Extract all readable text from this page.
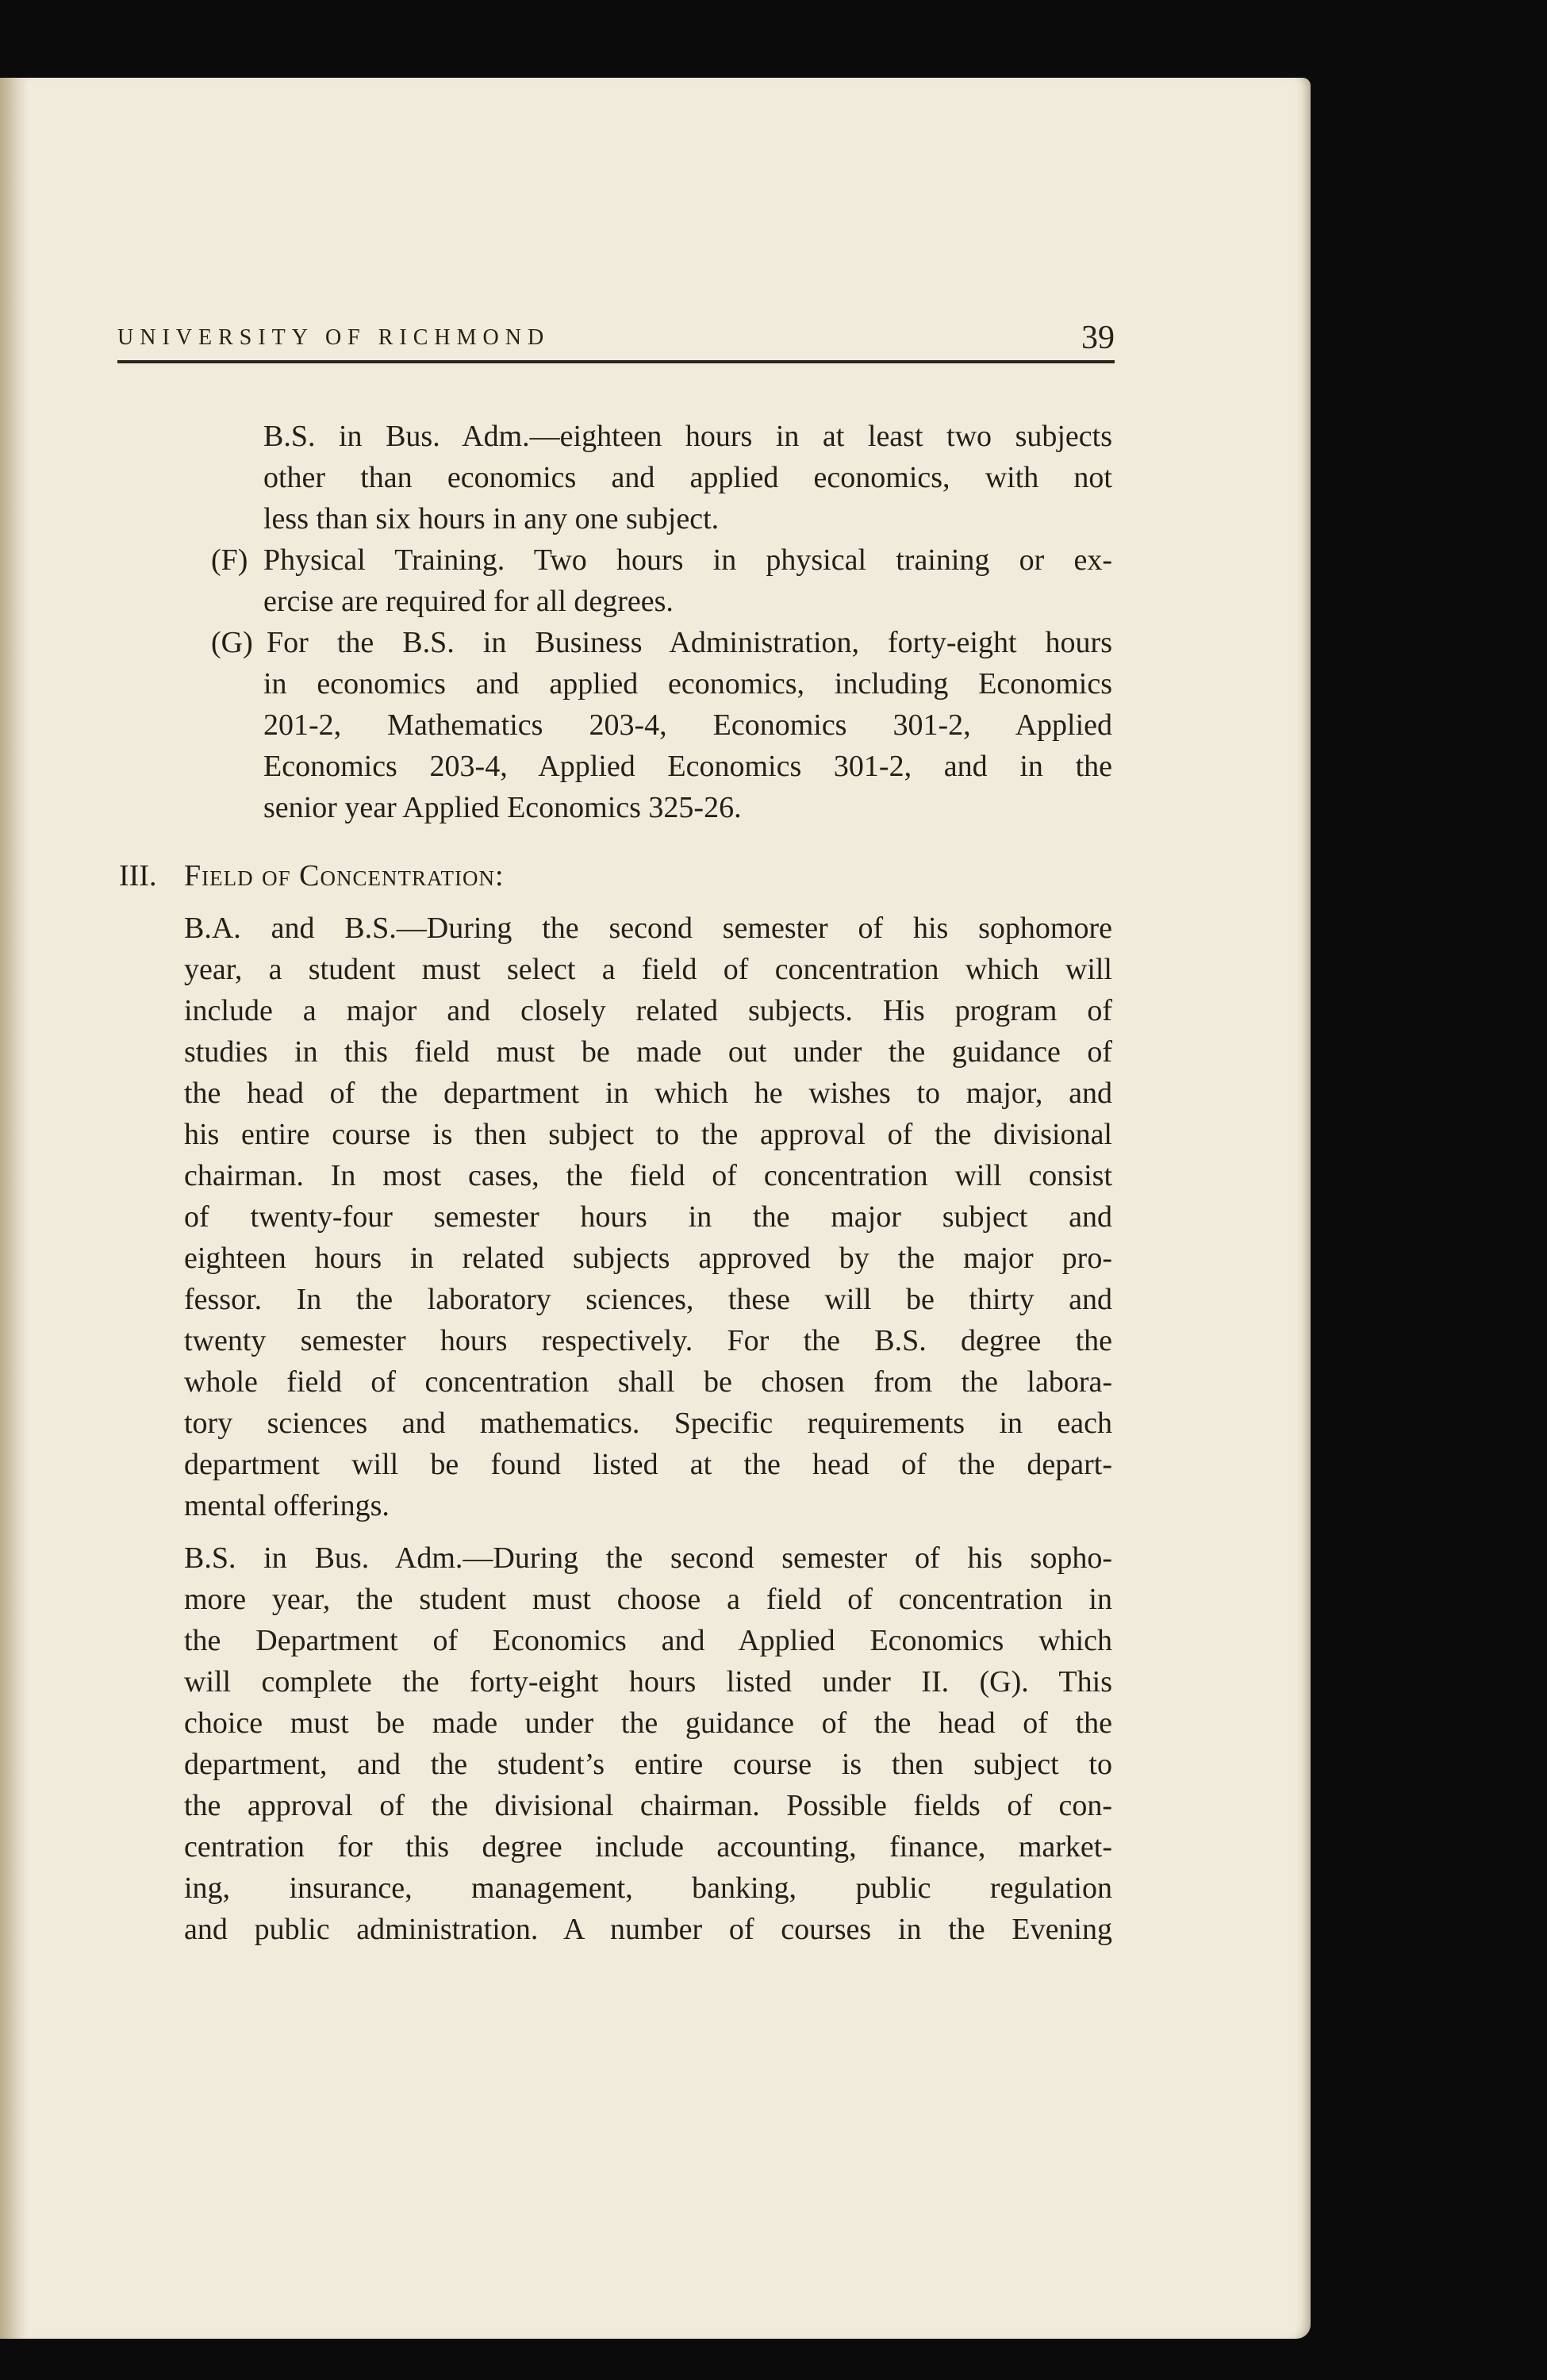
UNIVERSITY OF RICHMOND	39
B.S. in Bus. Adm.—eighteen hours in at least two subjects
other than economics and applied economics, with not
less than six hours in any one subject.
(F) Physical Training. Two hours in physical training or ex-
ercise are required for all degrees.
(G) For the B.S. in Business Administration, forty-eight hours
in economics and applied economics, including Economics
201-2, Mathematics 203-4, Economics 301-2, Applied
Economics 203-4, Applied Economics 301-2, and in the
senior year Applied Economics 325-26.
III. Field of Concentration:
B.A. and B.S.—During the second semester of his sophomore
year, a student must select a field of concentration which will
include a major and closely related subjects. His program of
studies in this field must be made out under the guidance of
the head of the department in which he wishes to major, and
his entire course is then subject to the approval of the divisional
chairman. In most cases, the field of concentration will consist
of twenty-four semester hours in the major subject and
eighteen hours in related subjects approved by the major pro-
fessor. In the laboratory sciences, these will be thirty and
twenty semester hours respectively. For the B.S. degree the
whole field of concentration shall be chosen from the labora-
tory sciences and mathematics. Specific requirements in each
department will be found listed at the head of the depart-
mental offerings.
B.S. in Bus. Adm.—During the second semester of his sopho-
more year, the student must choose a field of concentration in
the Department of Economics and Applied Economics which
will complete the forty-eight hours listed under II. (G). This
choice must be made under the guidance of the head of the
department, and the student’s entire course is then subject to
the approval of the divisional chairman. Possible fields of con-
centration for this degree include accounting, finance, market-
ing, insurance, management, banking, public regulation
and public administration. A number of courses in the Evening
